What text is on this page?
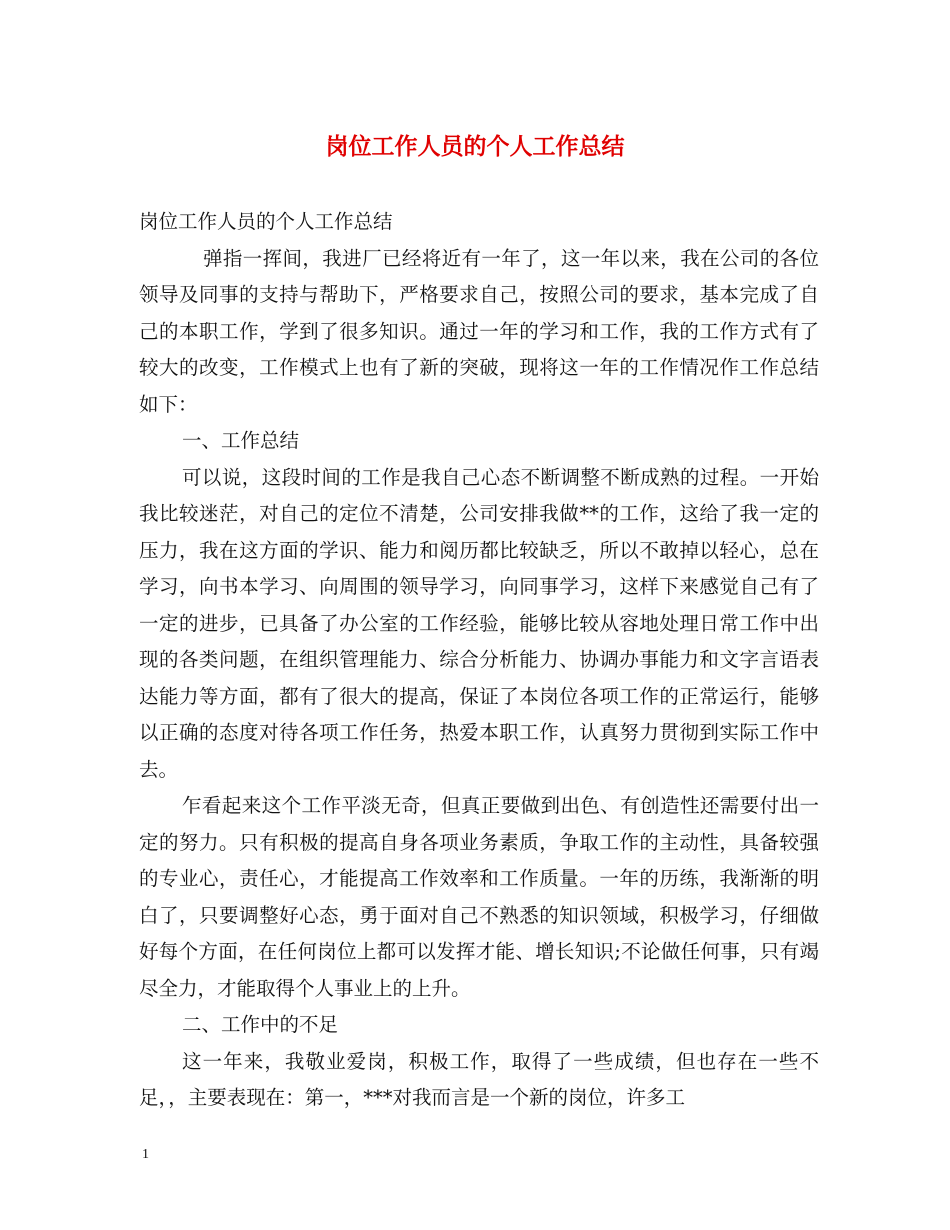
岗位工作人员的个人工作总结

岗位工作人员的个人工作总结

弹指一挥间，我进厂已经将近有一年了，这一年以来，我在公司的各位领导及同事的支持与帮助下，严格要求自己，按照公司的要求，基本完成了自己的本职工作，学到了很多知识。通过一年的学习和工作，我的工作方式有了较大的改变，工作模式上也有了新的突破，现将这一年的工作情况作工作总结如下：

一、工作总结

可以说，这段时间的工作是我自己心态不断调整不断成熟的过程。一开始我比较迷茫，对自己的定位不清楚，公司安排我做**的工作，这给了我一定的压力，我在这方面的学识、能力和阅历都比较缺乏，所以不敢掉以轻心，总在学习，向书本学习、向周围的领导学习，向同事学习，这样下来感觉自己有了一定的进步，已具备了办公室的工作经验，能够比较从容地处理日常工作中出现的各类问题，在组织管理能力、综合分析能力、协调办事能力和文字言语表达能力等方面，都有了很大的提高，保证了本岗位各项工作的正常运行，能够以正确的态度对待各项工作任务，热爱本职工作，认真努力贯彻到实际工作中去。

乍看起来这个工作平淡无奇，但真正要做到出色、有创造性还需要付出一定的努力。只有积极的提高自身各项业务素质，争取工作的主动性，具备较强的专业心，责任心，才能提高工作效率和工作质量。一年的历练，我渐渐的明白了，只要调整好心态，勇于面对自己不熟悉的知识领域，积极学习，仔细做好每个方面，在任何岗位上都可以发挥才能、增长知识;不论做任何事，只有竭尽全力，才能取得个人事业上的上升。

二、工作中的不足

这一年来，我敬业爱岗，积极工作，取得了一些成绩，但也存在一些不足，，主要表现在：第一，***对我而言是一个新的岗位，许多工

1
